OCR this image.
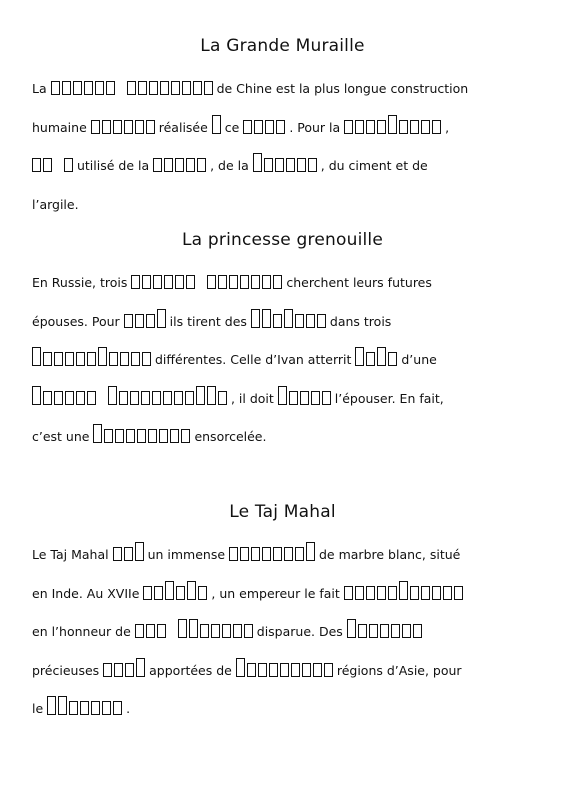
La Grande Muraille
La
	de Chine est la plus longue construction
humaine	réalisée ce	. Pour la	,

utilisé de la	, de la	, du ciment et de
l’argile.
La princesse grenouille
En Russie, trois
	cherchent leurs futures
épouses. Pour	ils tirent des	dans trois
différentes. Celle d’Ivan atterrit	d’une

, il doit	l’épouser. En fait,
c’est une	ensorcelée.
Le Taj Mahal
Le Taj Mahal	un immense	de marbre blanc, situé
en Inde. Au XVIIe	, un empereur le fait
en l’honneur de
	disparue. Des
précieuses	apportées de	régions d’Asie, pour
le	.
